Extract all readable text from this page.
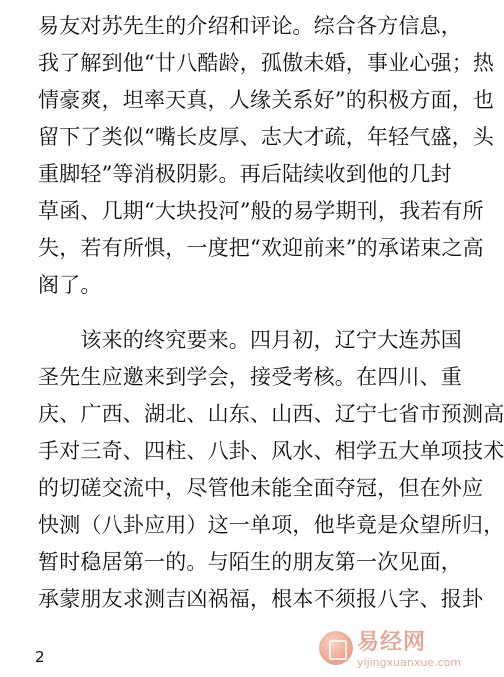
易友对苏先生的介绍和评论。综合各方信息，
我了解到他“廿八酷龄，孤傲未婚，事业心强；热
情豪爽，坦率天真，人缘关系好”的积极方面，也
留下了类似“嘴长皮厚、志大才疏，年轻气盛，头
重脚轻”等消极阴影。再后陆续收到他的几封
草函、几期“大块投河”般的易学期刊，我若有所
失，若有所惧，一度把“欢迎前来”的承诺束之高
阁了。
　　该来的终究要来。四月初，辽宁大连苏国
圣先生应邀来到学会，接受考核。在四川、重
庆、广西、湖北、山东、山西、辽宁七省市预测高
手对三奇、四柱、八卦、风水、相学五大单项技术
的切磋交流中，尽管他未能全面夺冠，但在外应
快测（八卦应用）这一单项，他毕竟是众望所归，
暂时稳居第一的。与陌生的朋友第一次见面，
承蒙朋友求测吉凶祸福，根本不须报八字、报卦
2
易经网
yijingxuanxue.com
